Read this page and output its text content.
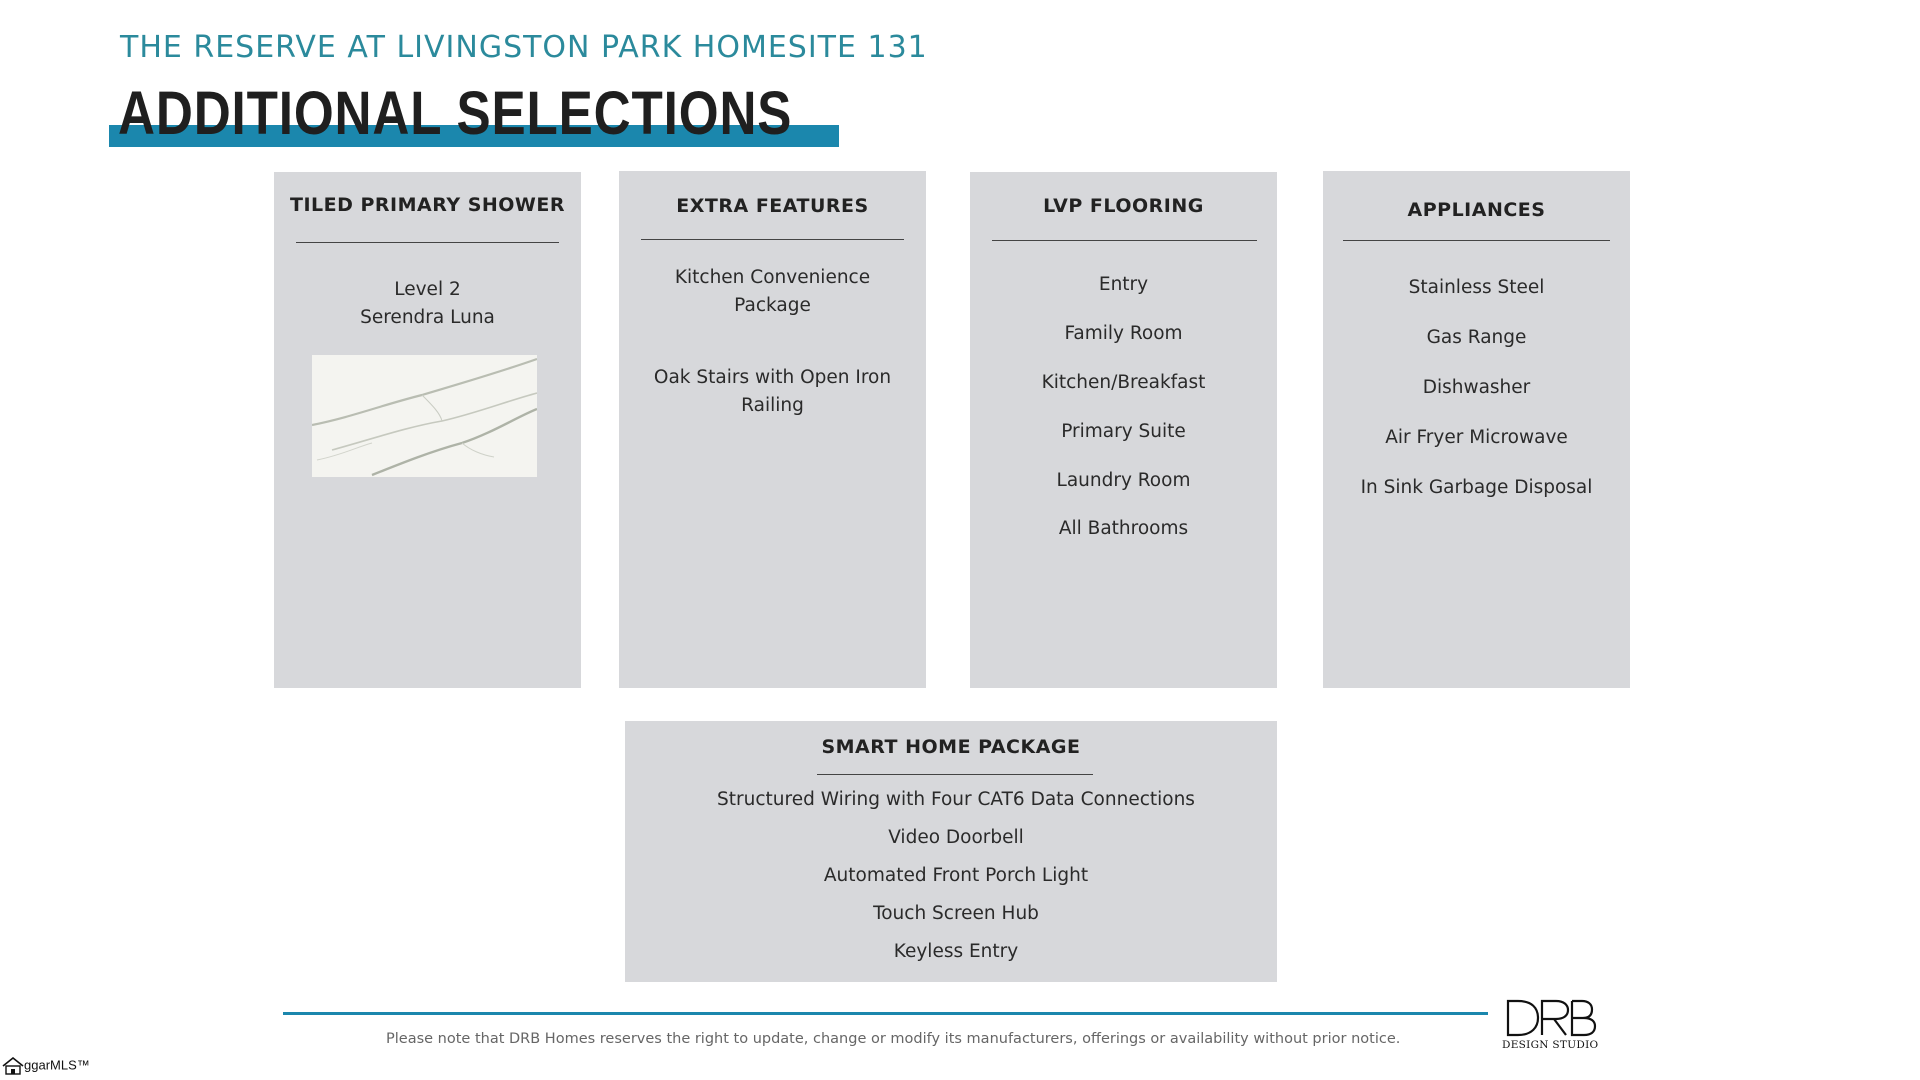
THE RESERVE AT LIVINGSTON PARK HOMESITE 131
ADDITIONAL SELECTIONS
TILED PRIMARY SHOWER
Level 2
Serendra Luna
EXTRA FEATURES
Kitchen Convenience Package
Oak Stairs with Open Iron Railing
LVP FLOORING
Entry
Family Room
Kitchen/Breakfast
Primary Suite
Laundry Room
All Bathrooms
APPLIANCES
Stainless Steel
Gas Range
Dishwasher
Air Fryer Microwave
In Sink Garbage Disposal
SMART HOME PACKAGE
Structured Wiring with Four CAT6 Data Connections
Video Doorbell
Automated Front Porch Light
Touch Screen Hub
Keyless Entry
Please note that DRB Homes reserves the right to update, change or modify its manufacturers, offerings or availability without prior notice.	DESIGN STUDIO
ggarMLS™
